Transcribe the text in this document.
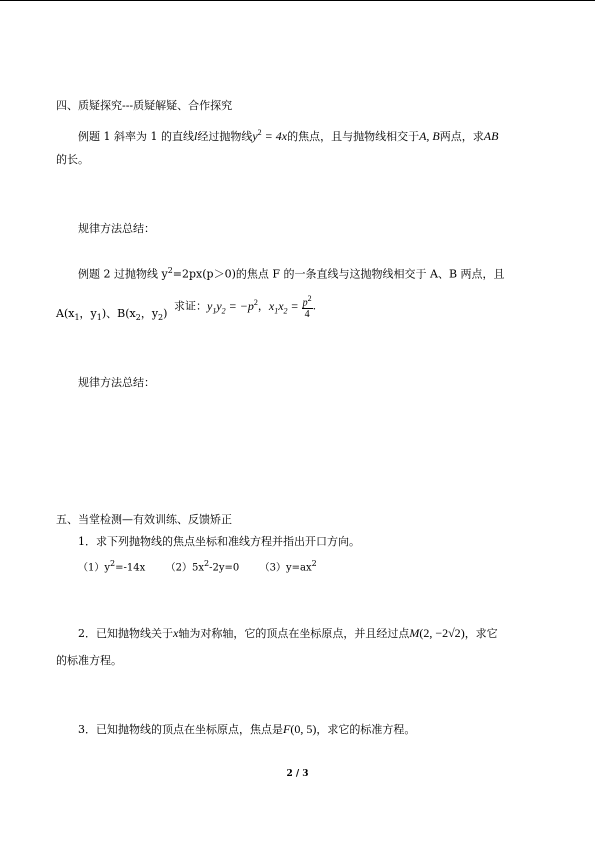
四、质疑探究---质疑解疑、合作探究
例题 1 斜率为 1 的直线l经过抛物线$y^2 = 4x$的焦点，且与抛物线相交于A, B两点，求AB
的长。
规律方法总结：
例题 2 过抛物线 $y^2=2px(p>0)$的焦点 F 的一条直线与这抛物线相交于 A、B 两点，且
$A(x_1$，$y_1$)、$B(x_2$，$y_2$)
求证：$y_1y_2 = -p^2$，$x_1x_2 = \frac{p^2}{4}$ .
规律方法总结：
五、当堂检测—有效训练、反馈矫正
1．求下列抛物线的焦点坐标和准线方程并指出开口方向。
$(1)y^2=-14x$ $(2)5x^2-2y=0$ $(3)y=ax^2$
2．已知抛物线关于x轴为对称轴，它的顶点在坐标原点，并且经过点M(2, −2√2)，求它
的标准方程。
3．已知抛物线的顶点在坐标原点，焦点是F(0, 5)，求它的标准方程。
2 / 3
